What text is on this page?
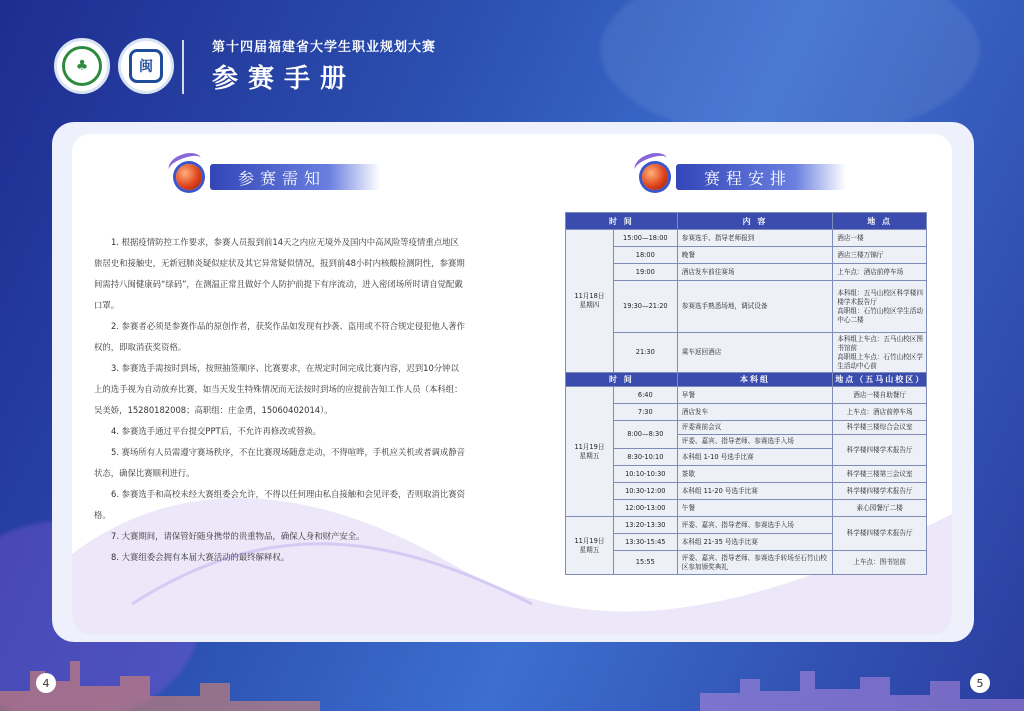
♣	闽
第十四届福建省大学生职业规划大赛
参赛手册
参赛需知

1. 根据疫情防控工作要求，参赛人员报到前14天之内应无境外及国内中高风险等疫情重点地区旅居史和接触史，无新冠肺炎疑似症状及其它异常疑似情况，报到前48小时内核酸检测阴性，参赛期间需持八闽健康码“绿码”，在测温正常且做好个人防护前提下有序流动，进入密闭场所时请自觉配戴口罩。

2. 参赛者必须是参赛作品的原创作者，获奖作品如发现有抄袭、盗用或不符合规定侵犯他人著作权的，即取消获奖资格。

3. 参赛选手需按时到场，按照抽签顺序、比赛要求，在规定时间完成比赛内容，迟到10分钟以上的选手视为自动放弃比赛，如当天发生特殊情况而无法按时到场的应提前告知工作人员（本科组：吴美娇，15280182008；高职组：庄金勇，15060402014）。

4. 参赛选手通过平台提交PPT后，不允许再修改或替换。

5. 赛场所有人员需遵守赛场秩序，不在比赛现场随意走动，不得喧哗，手机应关机或者调成静音状态，确保比赛顺利进行。

6. 参赛选手和高校未经大赛组委会允许，不得以任何理由私自接触和会见评委，否则取消比赛资格。

7. 大赛期间，请保管好随身携带的贵重物品，确保人身和财产安全。

8. 大赛组委会拥有本届大赛活动的最终解释权。

赛程安排
时 间		内 容	地 点
11月18日
星期四	15:00—18:00	参赛选手、指导老师报到	酒店一楼
	18:00	晚餐	酒店三楼万锦厅
	19:00	酒店发车前往赛场	上车点：酒店前停车场
	19:30—21:20	参赛选手熟悉场地，调试设备	本科组：五马山校区科学楼四楼学术报告厅
高职组：石竹山校区学生活动中心二楼
	21:30	乘车返回酒店	本科组上车点：五马山校区图书馆前
高职组上车点：石竹山校区学生活动中心前
时 间		本科组	地点（五马山校区）
11月19日
星期五	6:40	早餐	酒店一楼自助餐厅
	7:30	酒店发车	上车点：酒店前停车场
	8:00—8:30	评委赛前会议	科学楼三楼综合会议室
		评委、嘉宾、指导老师、参赛选手入场	科学楼四楼学术报告厅
	8:30-10:10	本科组 1-10 号选手比赛	
	10:10-10:30	茶歇	科学楼三楼第三会议室
	10:30-12:00	本科组 11-20 号选手比赛	科学楼四楼学术报告厅
	12:00-13:00	午餐	素心园餐厅二楼
11月19日
星期五	13:20-13:30	评委、嘉宾、指导老师、参赛选手入场	科学楼四楼学术报告厅
	13:30-15:45	本科组 21-35 号选手比赛	
	15:55	评委、嘉宾、指导老师、参赛选手转场至石竹山校区参加颁奖典礼	上车点：图书馆前
4	5
